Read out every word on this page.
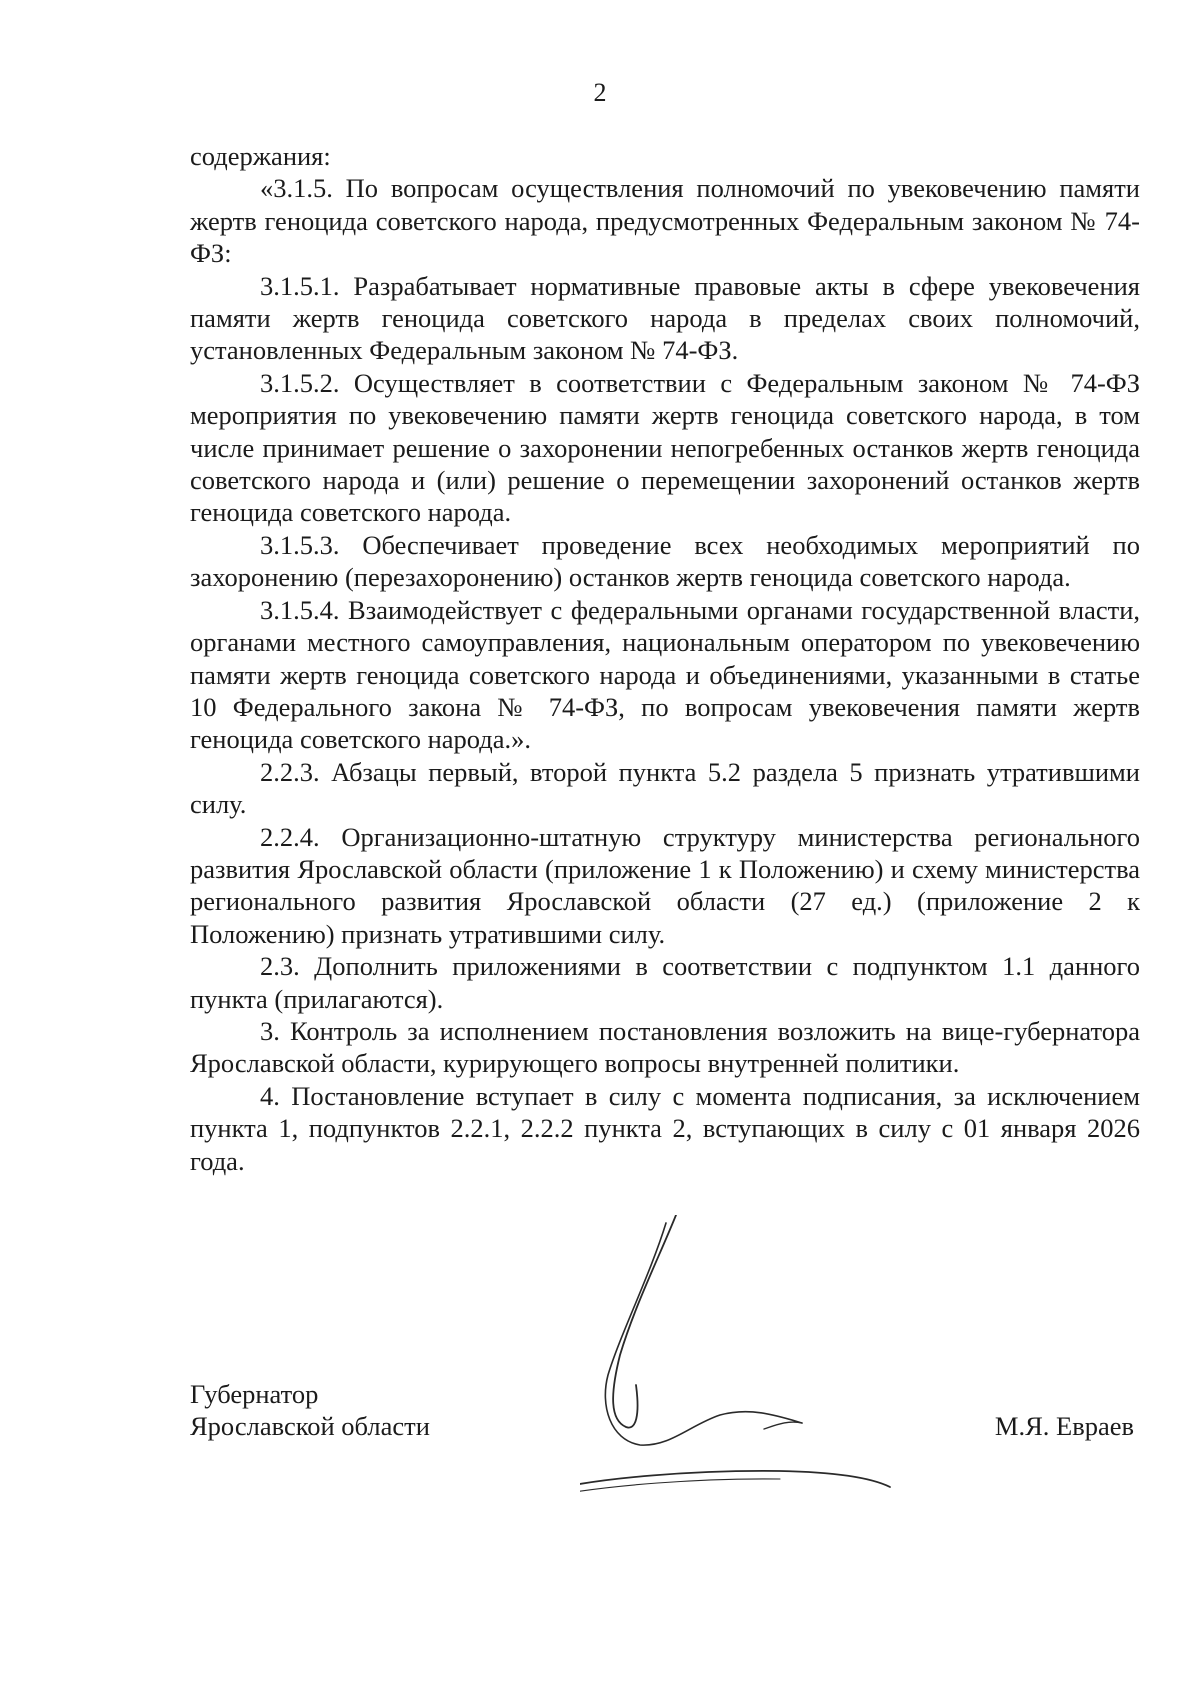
2

содержания:

«3.1.5. По вопросам осуществления полномочий по увековечению памяти жертв геноцида советского народа, предусмотренных Федеральным законом № 74-ФЗ:

3.1.5.1. Разрабатывает нормативные правовые акты в сфере увековечения памяти жертв геноцида советского народа в пределах своих полномочий, установленных Федеральным законом № 74-ФЗ.

3.1.5.2. Осуществляет в соответствии с Федеральным законом № 74-ФЗ мероприятия по увековечению памяти жертв геноцида советского народа, в том числе принимает решение о захоронении непогребенных останков жертв геноцида советского народа и (или) решение о перемещении захоронений останков жертв геноцида советского народа.

3.1.5.3. Обеспечивает проведение всех необходимых мероприятий по захоронению (перезахоронению) останков жертв геноцида советского народа.

3.1.5.4. Взаимодействует с федеральными органами государственной власти, органами местного самоуправления, национальным оператором по увековечению памяти жертв геноцида советского народа и объединениями, указанными в статье 10 Федерального закона № 74-ФЗ, по вопросам увековечения памяти жертв геноцида советского народа.».

2.2.3. Абзацы первый, второй пункта 5.2 раздела 5 признать утратившими силу.

2.2.4. Организационно-штатную структуру министерства регионального развития Ярославской области (приложение 1 к Положению) и схему министерства регионального развития Ярославской области (27 ед.) (приложение 2 к Положению) признать утратившими силу.

2.3. Дополнить приложениями в соответствии с подпунктом 1.1 данного пункта (прилагаются).

3. Контроль за исполнением постановления возложить на вице-губернатора Ярославской области, курирующего вопросы внутренней политики.

4. Постановление вступает в силу с момента подписания, за исключением пункта 1, подпунктов 2.2.1, 2.2.2 пункта 2, вступающих в силу с 01 января 2026 года.

Губернатор
Ярославской области	М.Я. Евраев
